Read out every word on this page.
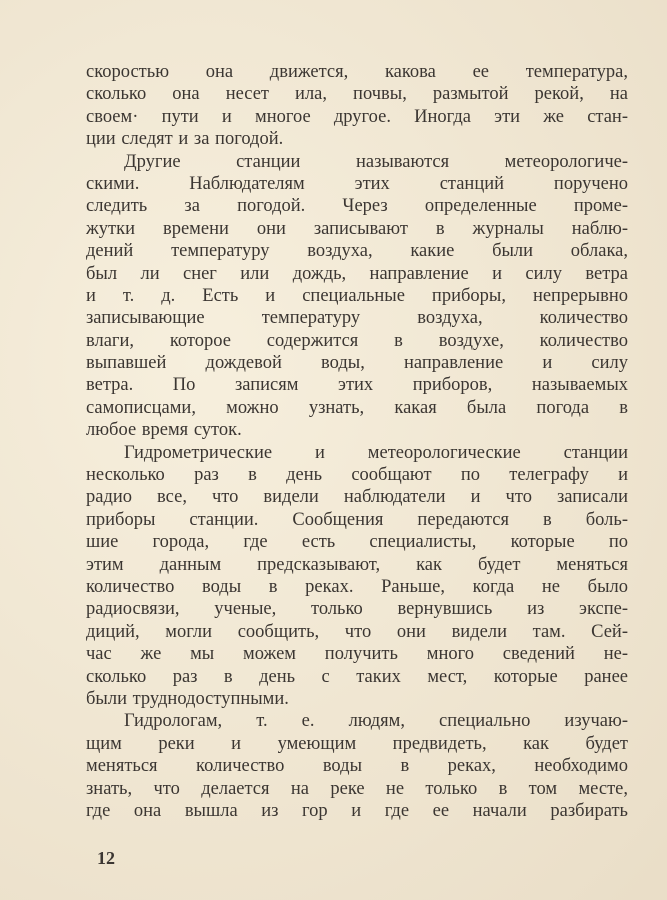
скоростью она движется, какова ее температура,
сколько она несет ила, почвы, размытой рекой, на
своем· пути и многое другое. Иногда эти же стан-
ции следят и за погодой.
Другие станции называются метеорологиче-
скими. Наблюдателям этих станций поручено
следить за погодой. Через определенные проме-
жутки времени они записывают в журналы наблю-
дений температуру воздуха, какие были облака,
был ли снег или дождь, направление и силу ветра
и т. д. Есть и специальные приборы, непрерывно
записывающие температуру воздуха, количество
влаги, которое содержится в воздухе, количество
выпавшей дождевой воды, направление и силу
ветра. По записям этих приборов, называемых
самописцами, можно узнать, какая была погода в
любое время суток.
Гидрометрические и метеорологические станции
несколько раз в день сообщают по телеграфу и
радио все, что видели наблюдатели и что записали
приборы станции. Сообщения передаются в боль-
шие города, где есть специалисты, которые по
этим данным предсказывают, как будет меняться
количество воды в реках. Раньше, когда не было
радиосвязи, ученые, только вернувшись из экспе-
диций, могли сообщить, что они видели там. Сей-
час же мы можем получить много сведений не-
сколько раз в день с таких мест, которые ранее
были труднодоступными.
Гидрологам, т. е. людям, специально изучаю-
щим реки и умеющим предвидеть, как будет
меняться количество воды в реках, необходимо
знать, что делается на реке не только в том месте,
где она вышла из гор и где ее начали разбирать
12
